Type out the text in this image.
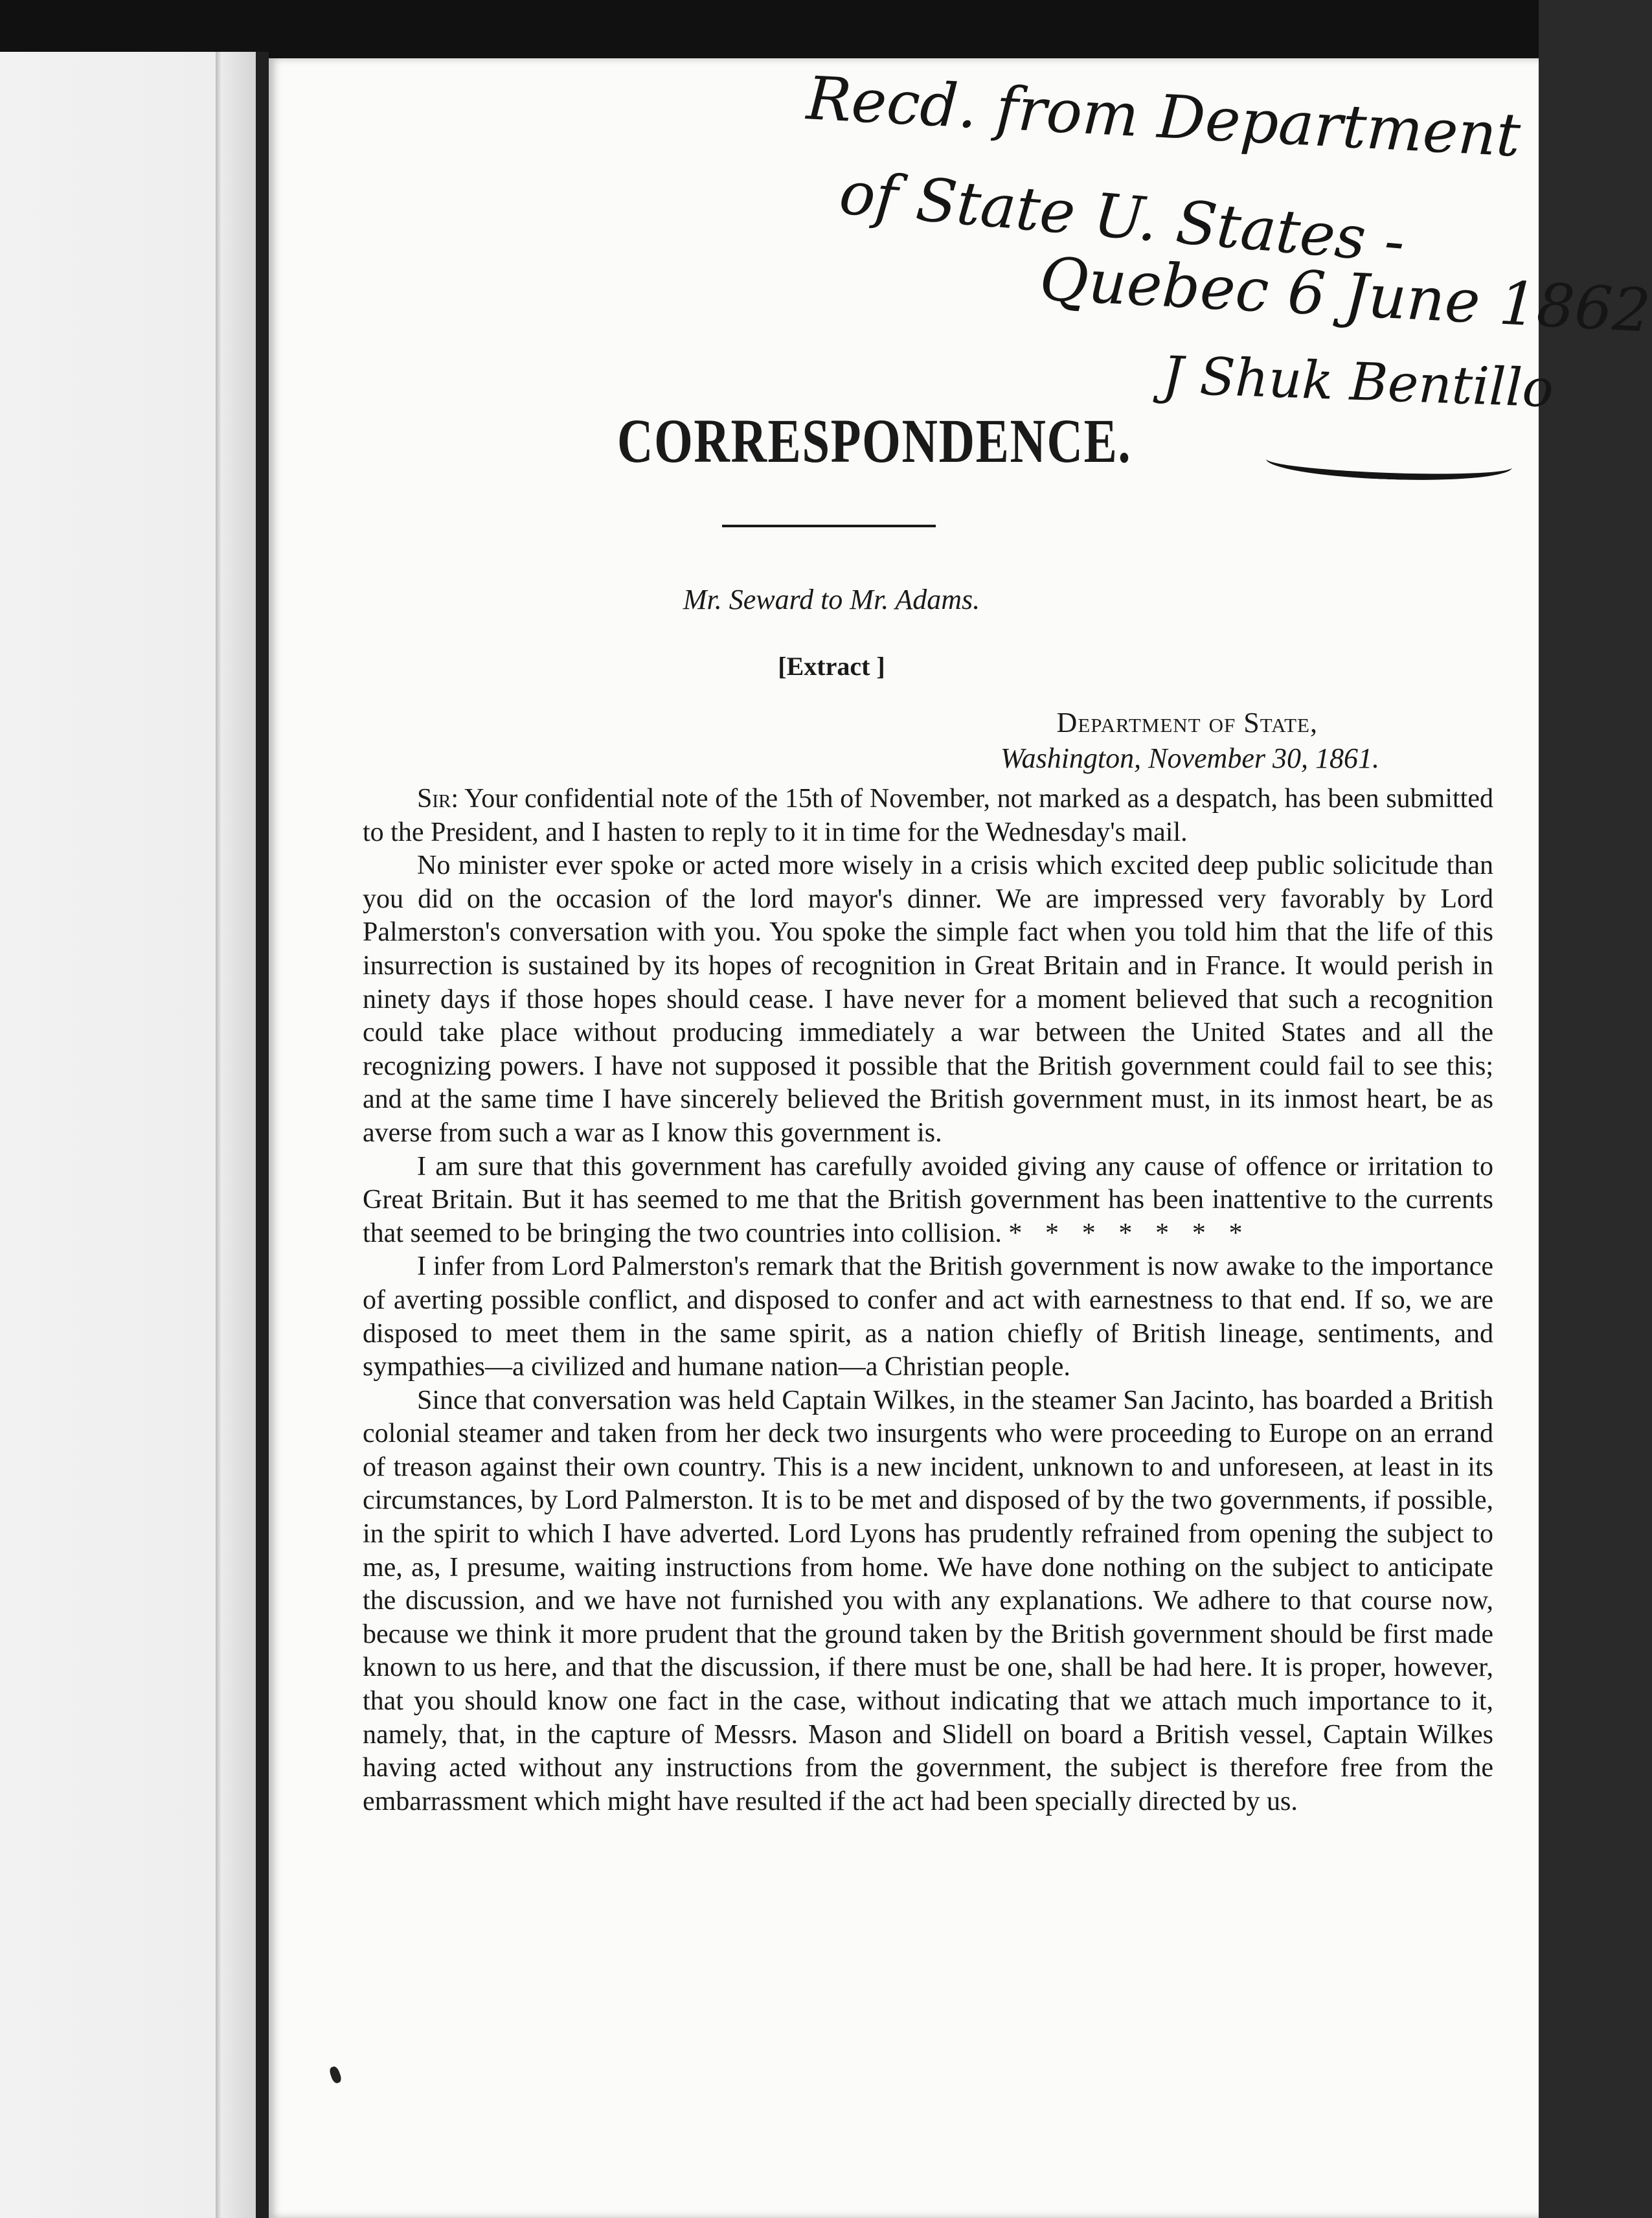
Recd. from Department
of State U. States -
Quebec 6 June 1862
J Shuk Bentillo
CORRESPONDENCE.
Mr. Seward to Mr. Adams.
[Extract ]
Department of State,
Washington, November 30, 1861.

Sir: Your confidential note of the 15th of November, not marked as a despatch, has been submitted to the President, and I hasten to reply to it in time for the Wednesday's mail.

No minister ever spoke or acted more wisely in a crisis which excited deep public solicitude than you did on the occasion of the lord mayor's dinner. We are impressed very favorably by Lord Palmerston's conversation with you. You spoke the simple fact when you told him that the life of this insurrection is sustained by its hopes of recognition in Great Britain and in France. It would perish in ninety days if those hopes should cease. I have never for a moment believed that such a recognition could take place without producing immediately a war between the United States and all the recognizing powers. I have not supposed it possible that the British government could fail to see this; and at the same time I have sincerely believed the British government must, in its inmost heart, be as averse from such a war as I know this government is.

I am sure that this government has carefully avoided giving any cause of offence or irritation to Great Britain. But it has seemed to me that the British government has been inattentive to the currents that seemed to be bringing the two countries into collision. * * * * * * *

I infer from Lord Palmerston's remark that the British government is now awake to the importance of averting possible conflict, and disposed to confer and act with earnestness to that end. If so, we are disposed to meet them in the same spirit, as a nation chiefly of British lineage, sentiments, and sympathies—a civilized and humane nation—a Christian people.

Since that conversation was held Captain Wilkes, in the steamer San Jacinto, has boarded a British colonial steamer and taken from her deck two insurgents who were proceeding to Europe on an errand of treason against their own country. This is a new incident, unknown to and unforeseen, at least in its circumstances, by Lord Palmerston. It is to be met and disposed of by the two governments, if possible, in the spirit to which I have adverted. Lord Lyons has prudently refrained from opening the subject to me, as, I presume, waiting instructions from home. We have done nothing on the subject to anticipate the discussion, and we have not furnished you with any explanations. We adhere to that course now, because we think it more prudent that the ground taken by the British government should be first made known to us here, and that the discussion, if there must be one, shall be had here. It is proper, however, that you should know one fact in the case, without indicating that we attach much importance to it, namely, that, in the capture of Messrs. Mason and Slidell on board a British vessel, Captain Wilkes having acted without any instructions from the government, the subject is therefore free from the embarrassment which might have resulted if the act had been specially directed by us.
